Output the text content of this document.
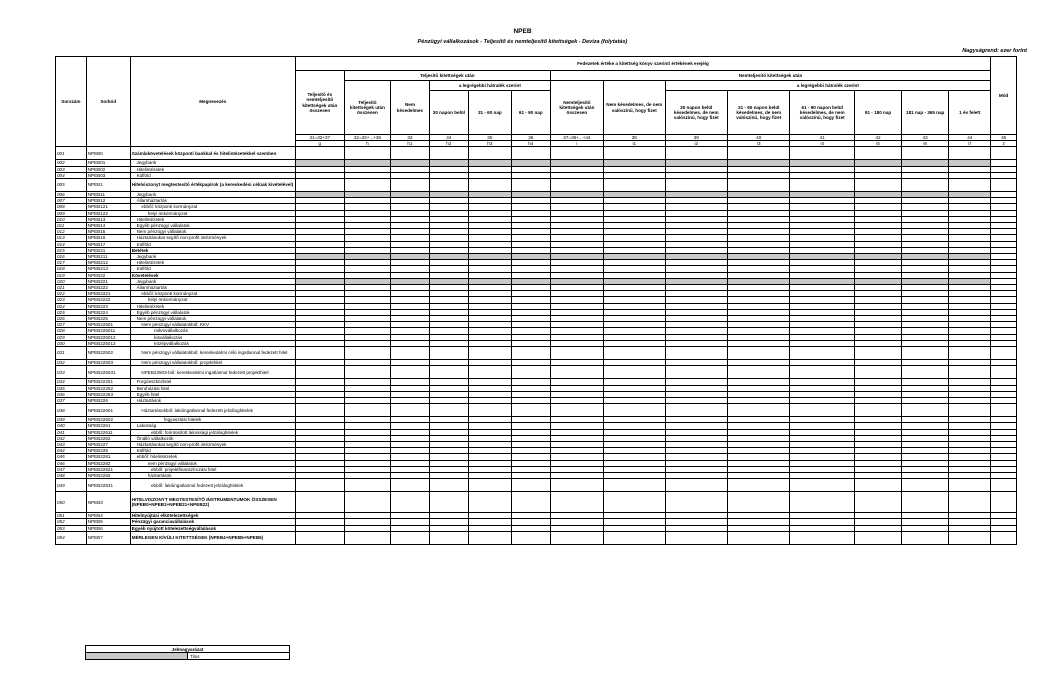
NPEB
Pénzügyi vállalkozások - Teljesítő és nemteljesítő kitettségek - Deviza (folytatás)
Nagyságrend: ezer forint
Sorszám	Sorkód	Megnevezés	Fedezetek értéke a kitettség könyv szerinti értékének erejéig														Mód
			Teljesítő és nemteljesítő kitettségek után összesen	Teljesítő kitettségek után					Nemteljesítő kitettségek után								
				Teljesítő kitettségek után összesen	Nem késedelmes	a legrégebbi hátralék szerint			Nemteljesítő kitettségek után összesen	Nem késedelmes, de nem valószínű, hogy fizet	a legrégebbi hátralék szerint						
						30 napon belül	31 - 60 nap	61 - 90 nap			30 napon belül késedelmes, de nem valószínű, hogy fizet	31 - 60 napon belül késedelmes, de nem valószínű, hogy fizet	61 - 90 napon belül késedelmes, de nem valószínű, hogy fizet	91 - 180 nap	181 nap - 365 nap	1 év felett	
			31=32+37	32=33+...+36	33	34	35	36	37=38+...+44	38	39	40	41	42	43	44	45
			g	h	h1	h2	h3	h4	i	i1	i2	i3	i4	i5	i6	i7	z
001	NPEB0	Számlakövetelések központi bankkal és hitelintézetekkel szemben															
002	NPEB01	Jegybank															
003	NPEB02	Hitelintézetek															
004	NPEB03	Külföld															
005	NPEB1	Hitelviszonyt megtestesítő értékpapírok (a kereskedési célúak kivételével)															
006	NPEB11	Jegybank															
007	NPEB12	Államháztartás															
008	NPEB121	ebből: központi kormányzat															
009	NPEB122	helyi önkormányzat															
010	NPEB13	Hitelintézetek															
011	NPEB14	Egyéb pénzügyi vállalatok															
012	NPEB15	Nem pénzügyi vállalatok															
013	NPEB16	Háztartásokat segítő non-profit intézmények															
014	NPEB17	Külföld															
015	NPEB21	Betétek															
016	NPEB211	Jegybank															
017	NPEB212	Hitelintézetek															
018	NPEB213	Külföld															
019	NPEB22	Követelések															
020	NPEB221	Jegybank															
021	NPEB222	Államháztartás															
022	NPEB2221	ebből: központi kormányzat															
023	NPEB2222	helyi önkormányzat															
024	NPEB223	Hitelintézetek															
025	NPEB224	Egyéb pénzügyi vállalatok															
026	NPEB225	Nem pénzügyi vállalatok															
027	NPEB22501	Nem pénzügyi vállalatokból: KKV															
028	NPEB225011	mikrovállalkozás															
029	NPEB225012	kisvállalkozás															
030	NPEB225013	középvállalkozás															
031	NPEB22502	Nem pénzügyi vállalatokból: kereskedelmi célú ingatlannal fedezett hitel															
032	NPEB22503	Nem pénzügyi vállalatokból: projekthitel															
033	NPEB225031	NPEB22503-ból: kereskedelmi ingatlannal fedezett projekthitel															
034	NPEB22251	Forgóeszközhitel															
035	NPEB22252	Beruházási hitel															
036	NPEB22253	Egyéb hitel															
037	NPEB226	Háztartások															
038	NPEB22601	Háztartásokból: lakóingatlannal fedezett jelzáloghitelek															
039	NPEB22602	fogyasztási hitelek															
040	NPEB2261	Lakosság															
041	NPEB22611	ebből: forintosított lakossági jelzáloghitelek															
042	NPEB2262	Önálló vállalkozók															
043	NPEB227	Háztartásokat segítő non-profit intézmények															
044	NPEB228	Külföld															
045	NPEB2281	ebből: hitelintézetek															
046	NPEB2282	nem pénzügyi vállalatok															
047	NPEB22821	ebből: projektfinanszírozási hitel															
048	NPEB2283	háztartások															
049	NPEB22831	ebből: lakóingatlannal fedezett jelzáloghitelek															
050	NPEB3	HITELVISZONYT MEGTESTESÍTŐ INSTRUMENTUMOK ÖSSZESEN (NPEB0+NPEB1+NPEB21+NPEB22)															
051	NPEB4	Hitelnyújtási elkötelezettségek															
052	NPEB5	Pénzügyi garanciavállalások															
053	NPEB6	Egyéb nyújtott kötelezettségvállalások															
054	NPEB7	MÉRLEGEN KÍVÜLI KITETTSÉGEK (NPEB4+NPEB5+NPEB6)															
Jelmagyarázat
	Tilos
